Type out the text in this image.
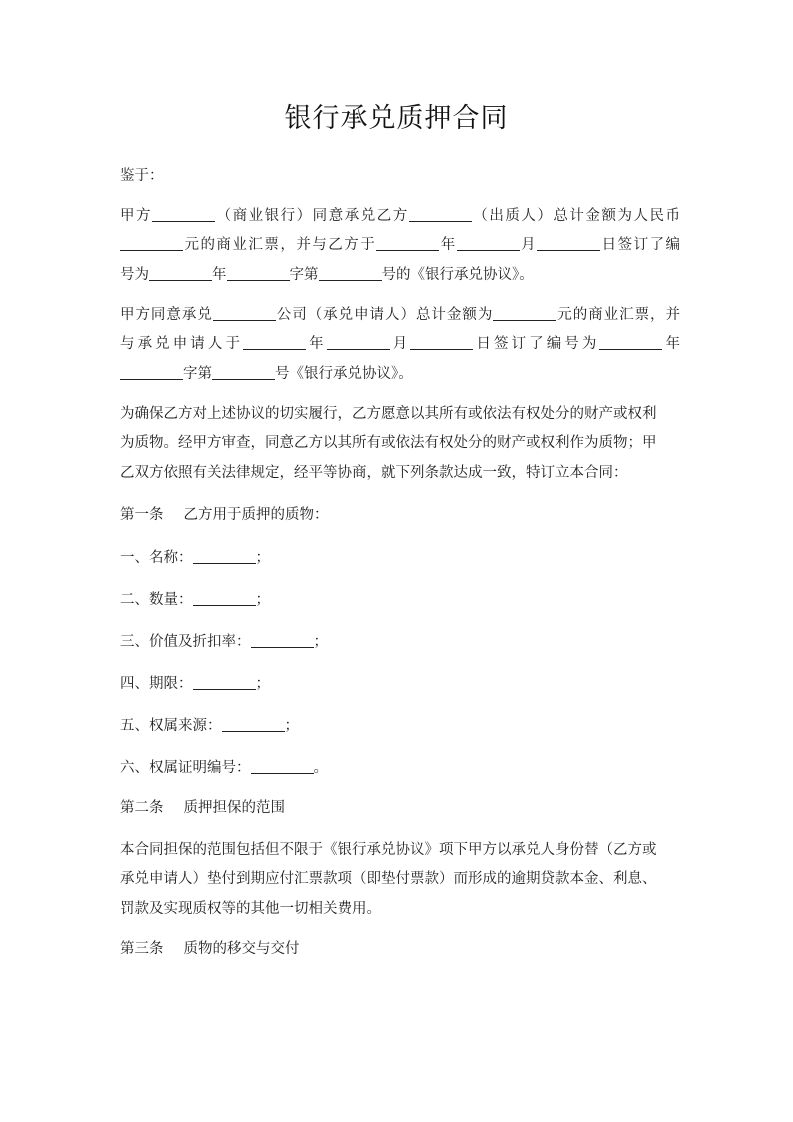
银行承兑质押合同
鉴于：
甲方	（商业银行）同意承兑乙方	（出质人）总计金额为人民币
元的商业汇票，并与乙方于	年	月	日签订了编
号为	年	字第	号的《银行承兑协议》。
甲方同意承兑	公司（承兑申请人）总计金额为	元的商业汇票，并
与承兑申请人于	年	月	日签订了编号为	年
字第	号《银行承兑协议》。
为确保乙方对上述协议的切实履行，乙方愿意以其所有或依法有权处分的财产或权利
为质物。经甲方审查，同意乙方以其所有或依法有权处分的财产或权利作为质物；甲
乙双方依照有关法律规定，经平等协商，就下列条款达成一致，特订立本合同：
第一条 乙方用于质押的质物：
一、名称：	；
二、数量：	；
三、价值及折扣率：	；
四、期限：	；
五、权属来源：	；
六、权属证明编号：	。
第二条 质押担保的范围
本合同担保的范围包括但不限于《银行承兑协议》项下甲方以承兑人身份替（乙方或
承兑申请人）垫付到期应付汇票款项（即垫付票款）而形成的逾期贷款本金、利息、
罚款及实现质权等的其他一切相关费用。
第三条 质物的移交与交付
